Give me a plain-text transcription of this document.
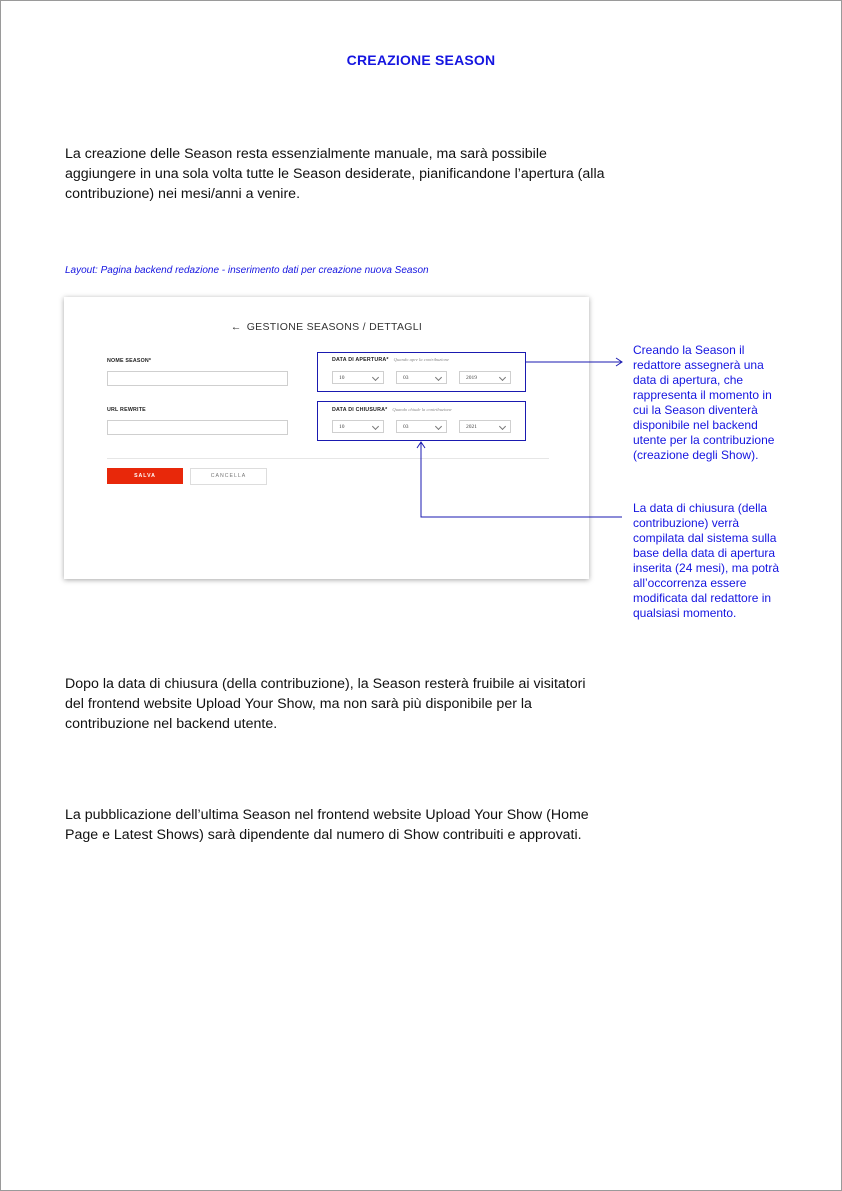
CREAZIONE SEASON
La creazione delle Season resta essenzialmente manuale, ma sarà possibile aggiungere in una sola volta tutte le Season desiderate, pianificandone l’apertura (alla contribuzione) nei mesi/anni a venire.
Layout: Pagina backend redazione - inserimento dati per creazione nuova Season
← GESTIONE SEASONS / DETTAGLI
NOME SEASON*
URL REWRITE
DATA DI APERTURA* Quando apre la contribuzione
10	03	2019
DATA DI CHIUSURA* Quando chiude la contribuzione
10	03	2021
SALVA	CANCELLA
Creando la Season il
redattore assegnerà una
data di apertura, che
rappresenta il momento in
cui la Season diventerà
disponibile nel backend
utente per la contribuzione
(creazione degli Show).
La data di chiusura (della
contribuzione) verrà
compilata dal sistema sulla
base della data di apertura
inserita (24 mesi), ma potrà
all’occorrenza essere
modificata dal redattore in
qualsiasi momento.
Dopo la data di chiusura (della contribuzione), la Season resterà fruibile ai visitatori del frontend website Upload Your Show, ma non sarà più disponibile per la contribuzione nel backend utente.
La pubblicazione dell’ultima Season nel frontend website Upload Your Show (Home Page e Latest Shows) sarà dipendente dal numero di Show contribuiti e approvati.
